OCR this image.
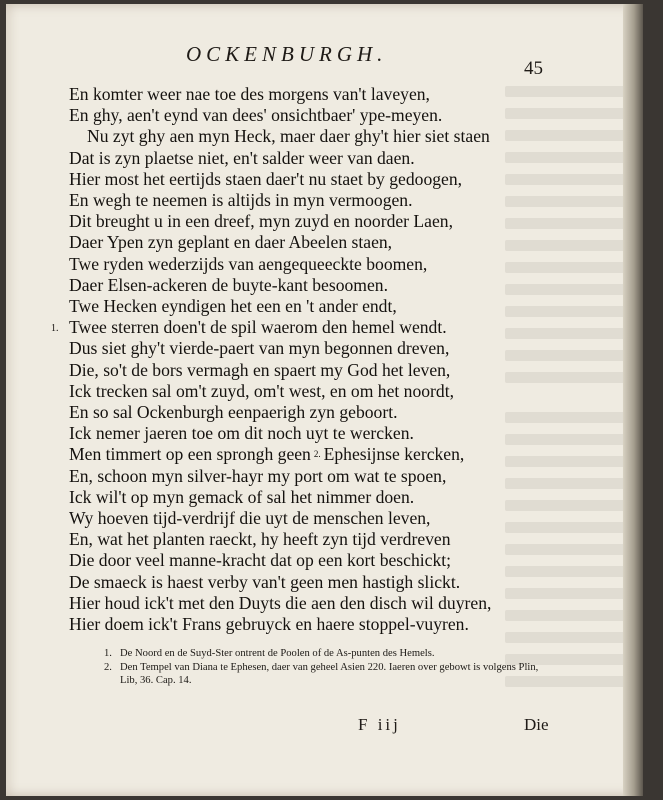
OCKENBURGH.
45
En komter weer nae toe des morgens van't laveyen,
En ghy, aen't eynd van dees' onsichtbaer' ype-meyen.
Nu zyt ghy aen myn Heck, maer daer ghy't hier siet staen
Dat is zyn plaetse niet, en't salder weer van daen.
Hier most het eertijds staen daer't nu staet by gedoogen,
En wegh te neemen is altijds in myn vermoogen.
Dit breught u in een dreef, myn zuyd en noorder Laen,
Daer Ypen zyn geplant en daer Abeelen staen,
Twe ryden wederzijds van aengequeeckte boomen,
Daer Elsen-ackeren de buyte-kant besoomen.
Twe Hecken eyndigen het een en 't ander endt,
1. Twee sterren doen't de spil waerom den hemel wendt.
Dus siet ghy't vierde-paert van myn begonnen dreven,
Die, so't de bors vermagh en spaert my God het leven,
Ick trecken sal om't zuyd, om't west, en om het noordt,
En so sal Ockenburgh eenpaerigh zyn geboort.
Ick nemer jaeren toe om dit noch uyt te wercken.
Men timmert op een sprongh geen 2. Ephesijnse kercken,
En, schoon myn silver-hayr my port om wat te spoen,
Ick wil't op myn gemack of sal het nimmer doen.
Wy hoeven tijd-verdrijf die uyt de menschen leven,
En, wat het planten raeckt, hy heeft zyn tijd verdreven
Die door veel manne-kracht dat op een kort beschickt;
De smaeck is haest verby van't geen men hastigh slickt.
Hier houd ick't met den Duyts die aen den disch wil duyren,
Hier doem ick't Frans gebruyck en haere stoppel-vuyren.
1. De Noord en de Suyd-Ster ontrent de Poolen of de As-punten des Hemels.
2. Den Tempel van Diana te Ephesen, daer van geheel Asien 220. Iaeren over gebowt is volgens Plin, Lib, 36. Cap. 14.
F iij	Die
